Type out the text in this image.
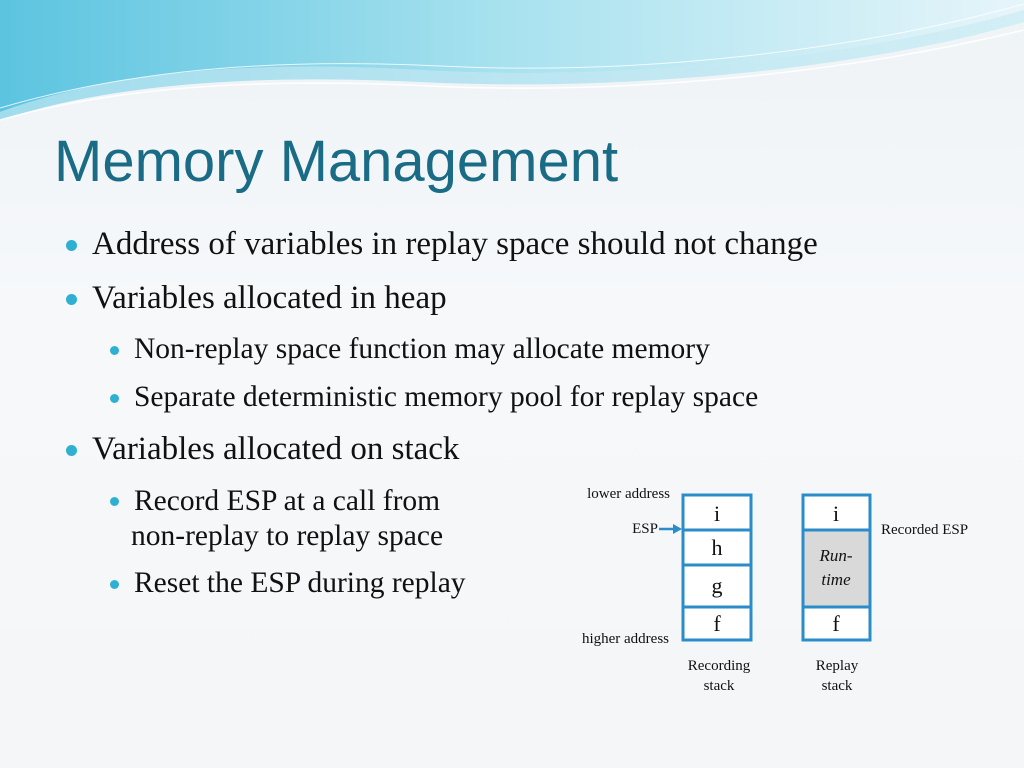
Memory Management
Address of variables in replay space should not change
Variables allocated in heap
Non-replay space function may allocate memory
Separate deterministic memory pool for replay space
Variables allocated on stack
Record ESP at a call from
non-replay to replay space
Reset the ESP during replay
i
h
g
f
Recording
stack
i
Run-
time
f
Replay
stack
lower address
higher address
ESP	Recorded ESP
